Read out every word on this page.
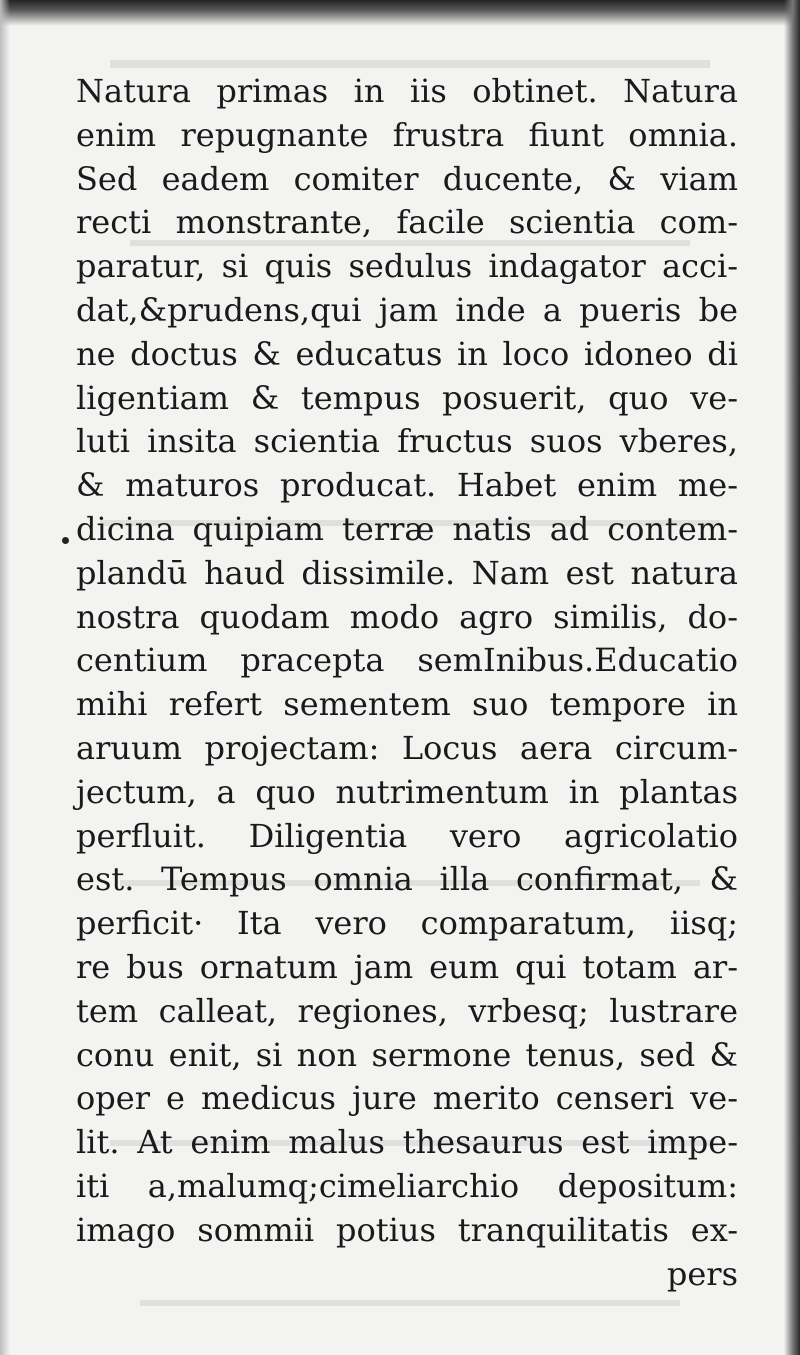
Natura primas in iis obtinet. Natura
enim repugnante frustra fiunt omnia.
Sed eadem comiter ducente, & viam
recti monstrante, facile scientia com-
paratur, si quis sedulus indagator acci-
dat,&prudens,qui jam inde a pueris be
ne doctus & educatus in loco idoneo di
ligentiam & tempus posuerit, quo ve-
luti insita scientia fructus suos vberes,
& maturos producat. Habet enim me-
dicina quipiam terræ natis ad contem-
plandū haud dissimile. Nam est natura
nostra quodam modo agro similis, do-
centium pracepta semInibus.Educatio
mihi refert sementem suo tempore in
aruum projectam: Locus aera circum-
jectum, a quo nutrimentum in plantas
perfluit. Diligentia vero agricolatio
est. Tempus omnia illa confirmat, &
perficit· Ita vero comparatum, iisq;
re bus ornatum jam eum qui totam ar-
tem calleat, regiones, vrbesq; lustrare
conu enit, si non sermone tenus, sed &
oper e medicus jure merito censeri ve-
lit. At enim malus thesaurus est impe-
iti a,malumq;cimeliarchio depositum:
imago sommii potius tranquilitatis ex-
pers
